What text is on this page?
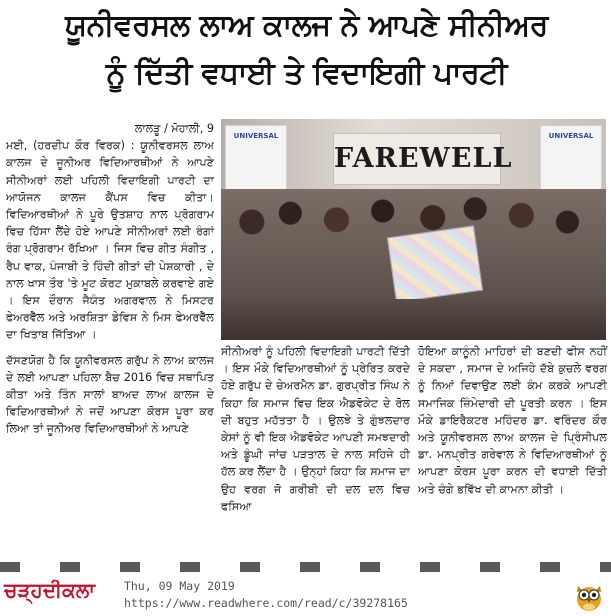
ਯੂਨੀਵਰਸਲ ਲਾਅ ਕਾਲਜ ਨੇ ਆਪਣੇ ਸੀਨੀਅਰ
ਨੂੰ ਦਿੱਤੀ ਵਧਾਈ ਤੇ ਵਿਦਾਇਗੀ ਪਾਰਟੀ

ਲਾਲੜੂ / ਮੋਹਾਲੀ, 9

ਮਈ, (ਹਰਦੀਪ ਕੌਰ ਵਿਰਕ) : ਯੂਨੀਵਰਸਲ ਲਾਅ ਕਾਲਜ ਦੇ ਜੂਨੀਅਰ ਵਿਦਿਆਰਥੀਆਂ ਨੇ ਆਪਣੇ ਸੀਨੀਅਰਾਂ ਲਈ ਪਹਿਲੀ ਵਿਦਾਇਗੀ ਪਾਰਟੀ ਦਾ ਆਯੋਜਨ ਕਾਲਜ ਕੈਂਪਸ ਵਿਚ ਕੀਤਾ। ਵਿਦਿਆਰਥੀਆਂ ਨੇ ਪੂਰੇ ਉਤਸ਼ਾਹ ਨਾਲ ਪ੍ਰੋਗਰਾਮ ਵਿਚ ਹਿੱਸਾ ਲੈਂਦੇ ਹੋਏ ਆਪਣੇ ਸੀਨੀਅਰਾਂ ਲਈ ਰੰਗਾਂ ਰੰਗ ਪ੍ਰੋਗਰਾਮ ਰੱਖਿਆ । ਜਿਸ ਵਿਚ ਗੀਤ ਸੰਗੀਤ , ਰੈਪ ਵਾਕ, ਪੰਜਾਬੀ ਤੇ ਹਿੰਦੀ ਗੀਤਾਂ ਦੀ ਪੇਸ਼ਕਾਰੀ , ਦੇ ਨਾਲ ਖਾਸ ਤੌਰ 'ਤੇ ਮੂਟ ਕੋਰਟ ਮੁਕਾਬਲੇ ਕਰਵਾਏ ਗਏ । ਇਸ ਦੌਰਾਨ ਜੈਯੰਤ ਅਗਰਵਾਲ ਨੇ ਮਿਸਟਰ ਫੇਅਰਵੈੱਲ ਅਤੇ ਅਰਸ਼ਿਤਾ ਡੇਵਿਸ ਨੇ ਮਿਸ ਫੇਅਰਵੈੱਲ ਦਾ ਖਿਤਾਬ ਜਿੱਤਿਆ ।

ਦੱਸਣਯੋਗ ਹੈ ਕਿ ਯੂਨੀਵਰਸਲ ਗਰੁੱਪ ਨੇ ਲਾਅ ਕਾਲਜ ਦੇ ਲਈ ਆਪਣਾ ਪਹਿਲਾ ਬੈਚ 2016 ਵਿਚ ਸਥਾਪਿਤ ਕੀਤਾ ਅਤੇ ਤਿੰਨ ਸਾਲਾਂ ਬਾਅਦ ਲਾਅ ਕਾਲਜ ਦੇ ਵਿਦਿਆਰਥੀਆਂ ਨੇ ਜਦੋਂ ਆਪਣਾ ਕੋਰਸ ਪੂਰਾ ਕਰ ਲਿਆ ਤਾਂ ਜੂਨੀਅਰ ਵਿਦਿਆਰਥੀਆਂ ਨੇ ਆਪਣੇ

UNIVERSAL	UNIVERSAL
FAREWELL

ਸੀਨੀਅਰਾਂ ਨੂੰ ਪਹਿਲੀ ਵਿਦਾਇਗੀ ਪਾਰਟੀ ਦਿੱਤੀ । ਇਸ ਮੌਕੇ ਵਿਦਿਆਰਥੀਆਂ ਨੂੰ ਪ੍ਰੇਰਿਤ ਕਰਦੇ ਹੋਏ ਗਰੁੱਪ ਦੇ ਚੇਅਰਮੈਨ ਡਾ. ਗੁਰਪ੍ਰੀਤ ਸਿੰਘ ਨੇ ਕਿਹਾ ਕਿ ਸਮਾਜ ਵਿਚ ਇਕ ਐਡਵੋਕੇਟ ਦੇ ਰੋਲ ਦੀ ਬਹੁਤ ਮਹੱਤਤਾ ਹੈ । ਉਲਝੇ ਤੇ ਗੁੰਝਲਦਾਰ ਕੇਸਾਂ ਨੂੰ ਵੀ ਇਕ ਐਡਵੋਕੇਟ ਆਪਣੀ ਸਮਝਦਾਰੀ ਅਤੇ ਡੂੰਘੀ ਜਾਂਚ ਪੜਤਾਲ ਦੇ ਨਾਲ ਸਹਿਜੇ ਹੀ ਹੱਲ ਕਰ ਲੈਂਦਾ ਹੈ । ਉਨ੍ਹਾਂ ਕਿਹਾ ਕਿ ਸਮਾਜ ਦਾ ਉਹ ਵਰਗ ਜੋ ਗਰੀਬੀ ਦੀ ਦਲ ਦਲ ਵਿਚ ਫਸਿਆ

ਹੋਇਆ ਕਾਨੂੰਨੀ ਮਾਹਿਰਾਂ ਦੀ ਬਣਦੀ ਫੀਸ ਨਹੀਂ ਦੇ ਸਕਦਾ , ਸਮਾਜ ਦੇ ਅਜਿਹੇ ਦੱਬੇ ਕੁਚਲੇ ਵਰਗ ਨੂੰ ਨਿਆਂ ਦਿਵਾਉਣ ਲਈ ਕੰਮ ਕਰਕੇ ਆਪਣੀ ਸਮਾਜਿਕ ਜ਼ਿੰਮੇਦਾਰੀ ਦੀ ਪੂਰਤੀ ਕਰਨ । ਇਸ ਮੌਕੇ ਡਾਇਰੈਕਟਰ ਮਹਿੰਦਰ ਡਾ. ਵਰਿੰਦਰ ਕੌਰ ਅਤੇ ਯੂਨੀਵਰਸਲ ਲਾਅ ਕਾਲਜ ਦੇ ਪ੍ਰਿੰਸੀਪਲ ਡਾ. ਮਨਪ੍ਰੀਤ ਗਰੇਵਾਲ ਨੇ ਵਿਦਿਆਰਥੀਆਂ ਨੂੰ ਆਪਣਾ ਕੋਰਸ ਪੂਰਾ ਕਰਨ ਦੀ ਵਧਾਈ ਦਿੱਤੀ ਅਤੇ ਚੰਗੇ ਭਵਿੱਖ ਦੀ ਕਾਮਨਾ ਕੀਤੀ ।

ਚੜ੍ਹਦੀਕਲਾ	Thu, 09 May 2019
https://www.readwhere.com/read/c/39278165
